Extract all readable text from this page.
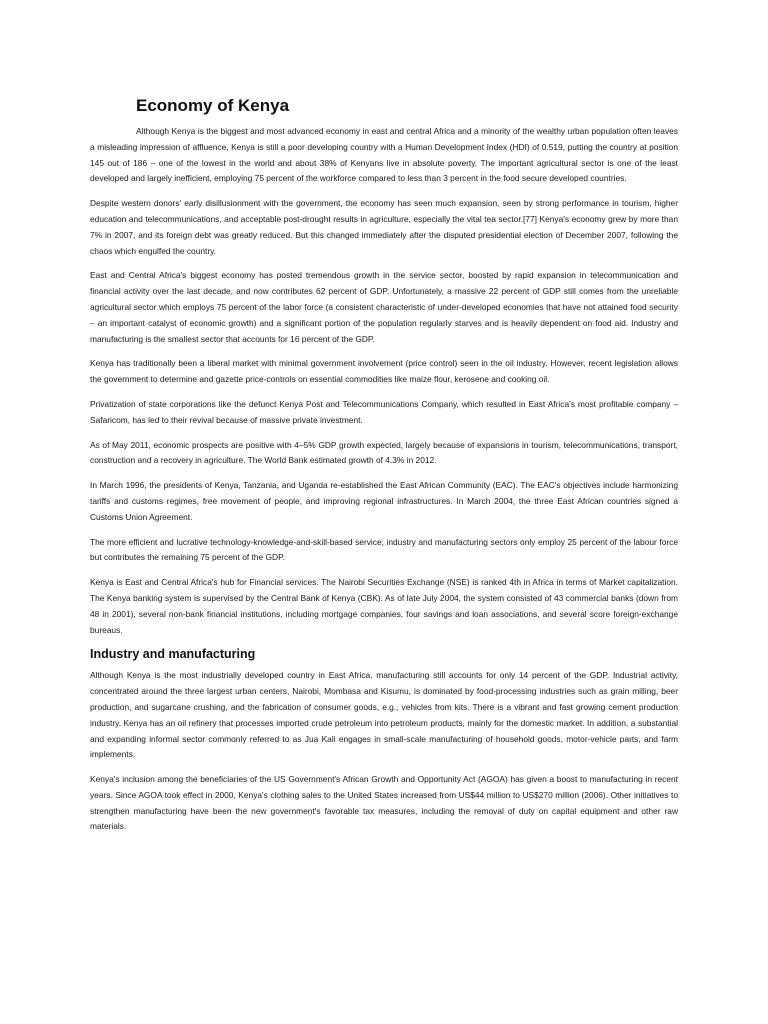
Economy of Kenya

Although Kenya is the biggest and most advanced economy in east and central Africa and a minority of the wealthy urban population often leaves a misleading impression of affluence, Kenya is still a poor developing country with a Human Development Index (HDI) of 0.519, putting the country at position 145 out of 186 – one of the lowest in the world and about 38% of Kenyans live in absolute poverty. The important agricultural sector is one of the least developed and largely inefficient, employing 75 percent of the workforce compared to less than 3 percent in the food secure developed countries.

Despite western donors' early disillusionment with the government, the economy has seen much expansion, seen by strong performance in tourism, higher education and telecommunications, and acceptable post-drought results in agriculture, especially the vital tea sector.[77] Kenya's economy grew by more than 7% in 2007, and its foreign debt was greatly reduced. But this changed immediately after the disputed presidential election of December 2007, following the chaos which engulfed the country.

East and Central Africa's biggest economy has posted tremendous growth in the service sector, boosted by rapid expansion in telecommunication and financial activity over the last decade, and now contributes 62 percent of GDP. Unfortunately, a massive 22 percent of GDP still comes from the unreliable agricultural sector which employs 75 percent of the labor force (a consistent characteristic of under-developed economies that have not attained food security – an important catalyst of economic growth) and a significant portion of the population regularly starves and is heavily dependent on food aid. Industry and manufacturing is the smallest sector that accounts for 16 percent of the GDP.

Kenya has traditionally been a liberal market with minimal government involvement (price control) seen in the oil industry. However, recent legislation allows the government to determine and gazette price-controls on essential commodities like maize flour, kerosene and cooking oil.

Privatization of state corporations like the defunct Kenya Post and Telecommunications Company, which resulted in East Africa's most profitable company – Safaricom, has led to their revival because of massive private investment.

As of May 2011, economic prospects are positive with 4–5% GDP growth expected, largely because of expansions in tourism, telecommunications, transport, construction and a recovery in agriculture. The World Bank estimated growth of 4.3% in 2012.

In March 1996, the presidents of Kenya, Tanzania, and Uganda re-established the East African Community (EAC). The EAC's objectives include harmonizing tariffs and customs regimes, free movement of people, and improving regional infrastructures. In March 2004, the three East African countries signed a Customs Union Agreement.

The more efficient and lucrative technology-knowledge-and-skill-based service; industry and manufacturing sectors only employ 25 percent of the labour force but contributes the remaining 75 percent of the GDP.

Kenya is East and Central Africa's hub for Financial services. The Nairobi Securities Exchange (NSE) is ranked 4th in Africa in terms of Market capitalization. The Kenya banking system is supervised by the Central Bank of Kenya (CBK). As of late July 2004, the system consisted of 43 commercial banks (down from 48 in 2001), several non-bank financial institutions, including mortgage companies, four savings and loan associations, and several score foreign-exchange bureaus.

Industry and manufacturing

Although Kenya is the most industrially developed country in East Africa, manufacturing still accounts for only 14 percent of the GDP. Industrial activity, concentrated around the three largest urban centers, Nairobi, Mombasa and Kisumu, is dominated by food-processing industries such as grain milling, beer production, and sugarcane crushing, and the fabrication of consumer goods, e.g., vehicles from kits. There is a vibrant and fast growing cement production industry. Kenya has an oil refinery that processes imported crude petroleum into petroleum products, mainly for the domestic market. In addition, a substantial and expanding informal sector commonly referred to as Jua Kali engages in small-scale manufacturing of household goods, motor-vehicle parts, and farm implements.

Kenya's inclusion among the beneficiaries of the US Government's African Growth and Opportunity Act (AGOA) has given a boost to manufacturing in recent years. Since AGOA took effect in 2000, Kenya's clothing sales to the United States increased from US$44 million to US$270 million (2006). Other initiatives to strengthen manufacturing have been the new government's favorable tax measures, including the removal of duty on capital equipment and other raw materials.
